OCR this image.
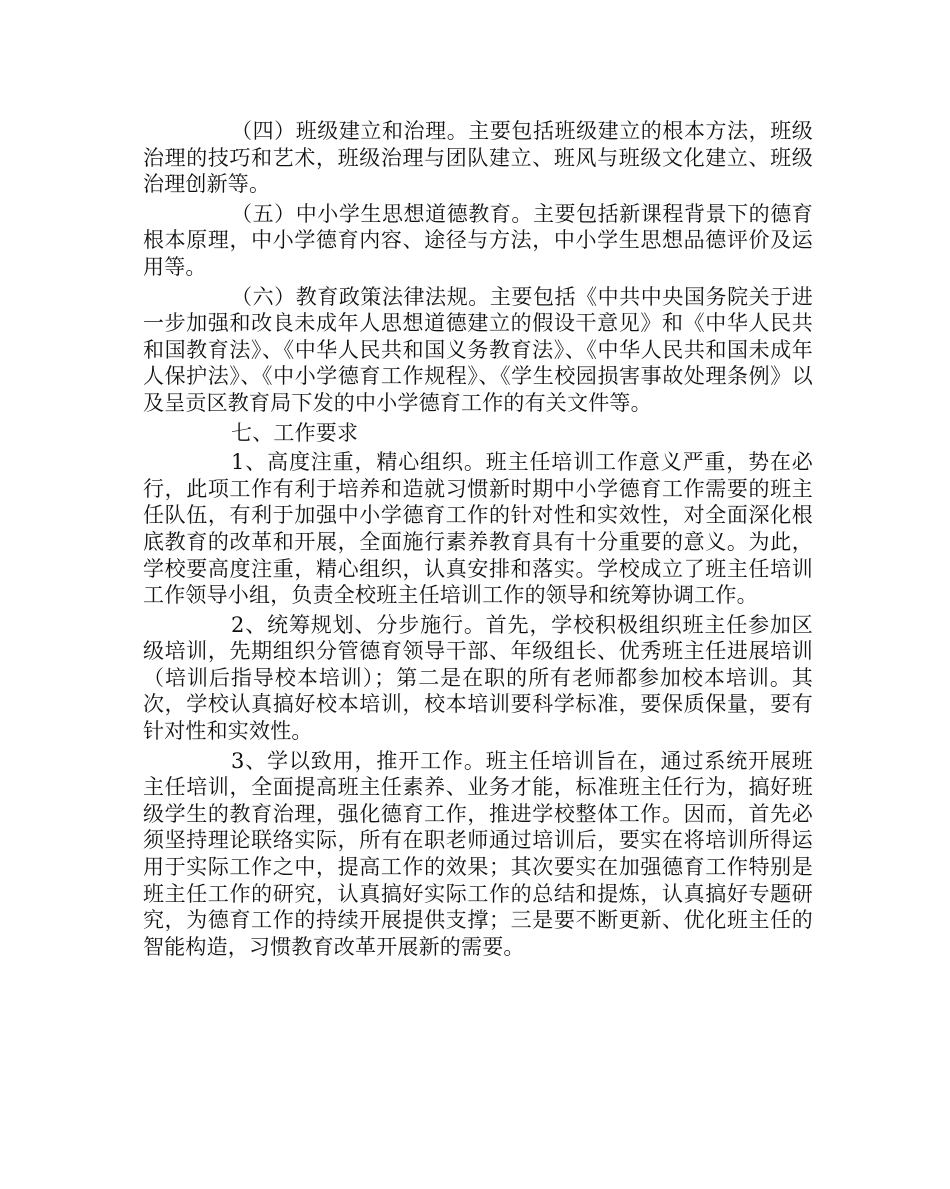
（四）班级建立和治理。主要包括班级建立的根本方法，班级治理的技巧和艺术，班级治理与团队建立、班风与班级文化建立、班级治理创新等。

（五）中小学生思想道德教育。主要包括新课程背景下的德育根本原理，中小学德育内容、途径与方法，中小学生思想品德评价及运用等。

（六）教育政策法律法规。主要包括《中共中央国务院关于进一步加强和改良未成年人思想道德建立的假设干意见》和《中华人民共和国教育法》、《中华人民共和国义务教育法》、《中华人民共和国未成年人保护法》、《中小学德育工作规程》、《学生校园损害事故处理条例》以及呈贡区教育局下发的中小学德育工作的有关文件等。

七、工作要求

1、高度注重，精心组织。班主任培训工作意义严重，势在必行，此项工作有利于培养和造就习惯新时期中小学德育工作需要的班主任队伍，有利于加强中小学德育工作的针对性和实效性，对全面深化根底教育的改革和开展，全面施行素养教育具有十分重要的意义。为此，学校要高度注重，精心组织，认真安排和落实。学校成立了班主任培训工作领导小组，负责全校班主任培训工作的领导和统筹协调工作。

2、统筹规划、分步施行。首先，学校积极组织班主任参加区级培训，先期组织分管德育领导干部、年级组长、优秀班主任进展培训（培训后指导校本培训）；第二是在职的所有老师都参加校本培训。其次，学校认真搞好校本培训，校本培训要科学标准，要保质保量，要有针对性和实效性。

3、学以致用，推开工作。班主任培训旨在，通过系统开展班主任培训，全面提高班主任素养、业务才能，标准班主任行为，搞好班级学生的教育治理，强化德育工作，推进学校整体工作。因而，首先必须坚持理论联络实际，所有在职老师通过培训后，要实在将培训所得运用于实际工作之中，提高工作的效果；其次要实在加强德育工作特别是班主任工作的研究，认真搞好实际工作的总结和提炼，认真搞好专题研究，为德育工作的持续开展提供支撑；三是要不断更新、优化班主任的智能构造，习惯教育改革开展新的需要。
